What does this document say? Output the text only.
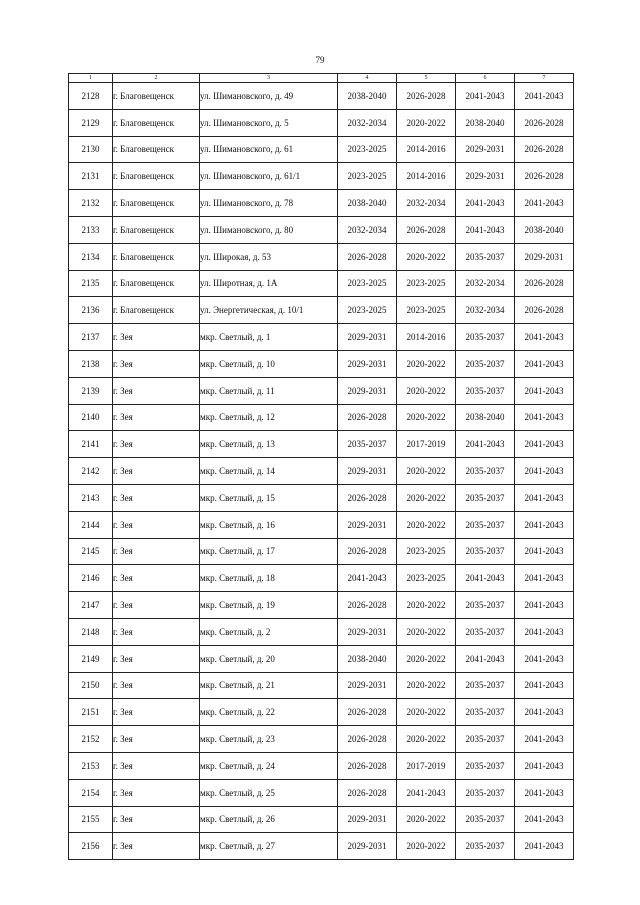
79
1	2	3	4	5	6	7
2128	г. Благовещенск	ул. Шимановского, д. 49	2038-2040	2026-2028	2041-2043	2041-2043
2129	г. Благовещенск	ул. Шимановского, д. 5	2032-2034	2020-2022	2038-2040	2026-2028
2130	г. Благовещенск	ул. Шимановского, д. 61	2023-2025	2014-2016	2029-2031	2026-2028
2131	г. Благовещенск	ул. Шимановского, д. 61/1	2023-2025	2014-2016	2029-2031	2026-2028
2132	г. Благовещенск	ул. Шимановского, д. 78	2038-2040	2032-2034	2041-2043	2041-2043
2133	г. Благовещенск	ул. Шимановского, д. 80	2032-2034	2026-2028	2041-2043	2038-2040
2134	г. Благовещенск	ул. Широкая, д. 53	2026-2028	2020-2022	2035-2037	2029-2031
2135	г. Благовещенск	ул. Широтная, д. 1А	2023-2025	2023-2025	2032-2034	2026-2028
2136	г. Благовещенск	ул. Энергетическая, д. 10/1	2023-2025	2023-2025	2032-2034	2026-2028
2137	г. Зея	мкр. Светлый, д. 1	2029-2031	2014-2016	2035-2037	2041-2043
2138	г. Зея	мкр. Светлый, д. 10	2029-2031	2020-2022	2035-2037	2041-2043
2139	г. Зея	мкр. Светлый, д. 11	2029-2031	2020-2022	2035-2037	2041-2043
2140	г. Зея	мкр. Светлый, д. 12	2026-2028	2020-2022	2038-2040	2041-2043
2141	г. Зея	мкр. Светлый, д. 13	2035-2037	2017-2019	2041-2043	2041-2043
2142	г. Зея	мкр. Светлый, д. 14	2029-2031	2020-2022	2035-2037	2041-2043
2143	г. Зея	мкр. Светлый, д. 15	2026-2028	2020-2022	2035-2037	2041-2043
2144	г. Зея	мкр. Светлый, д. 16	2029-2031	2020-2022	2035-2037	2041-2043
2145	г. Зея	мкр. Светлый, д. 17	2026-2028	2023-2025	2035-2037	2041-2043
2146	г. Зея	мкр. Светлый, д. 18	2041-2043	2023-2025	2041-2043	2041-2043
2147	г. Зея	мкр. Светлый, д. 19	2026-2028	2020-2022	2035-2037	2041-2043
2148	г. Зея	мкр. Светлый, д. 2	2029-2031	2020-2022	2035-2037	2041-2043
2149	г. Зея	мкр. Светлый, д. 20	2038-2040	2020-2022	2041-2043	2041-2043
2150	г. Зея	мкр. Светлый, д. 21	2029-2031	2020-2022	2035-2037	2041-2043
2151	г. Зея	мкр. Светлый, д. 22	2026-2028	2020-2022	2035-2037	2041-2043
2152	г. Зея	мкр. Светлый, д. 23	2026-2028	2020-2022	2035-2037	2041-2043
2153	г. Зея	мкр. Светлый, д. 24	2026-2028	2017-2019	2035-2037	2041-2043
2154	г. Зея	мкр. Светлый, д. 25	2026-2028	2041-2043	2035-2037	2041-2043
2155	г. Зея	мкр. Светлый, д. 26	2029-2031	2020-2022	2035-2037	2041-2043
2156	г. Зея	мкр. Светлый, д. 27	2029-2031	2020-2022	2035-2037	2041-2043
